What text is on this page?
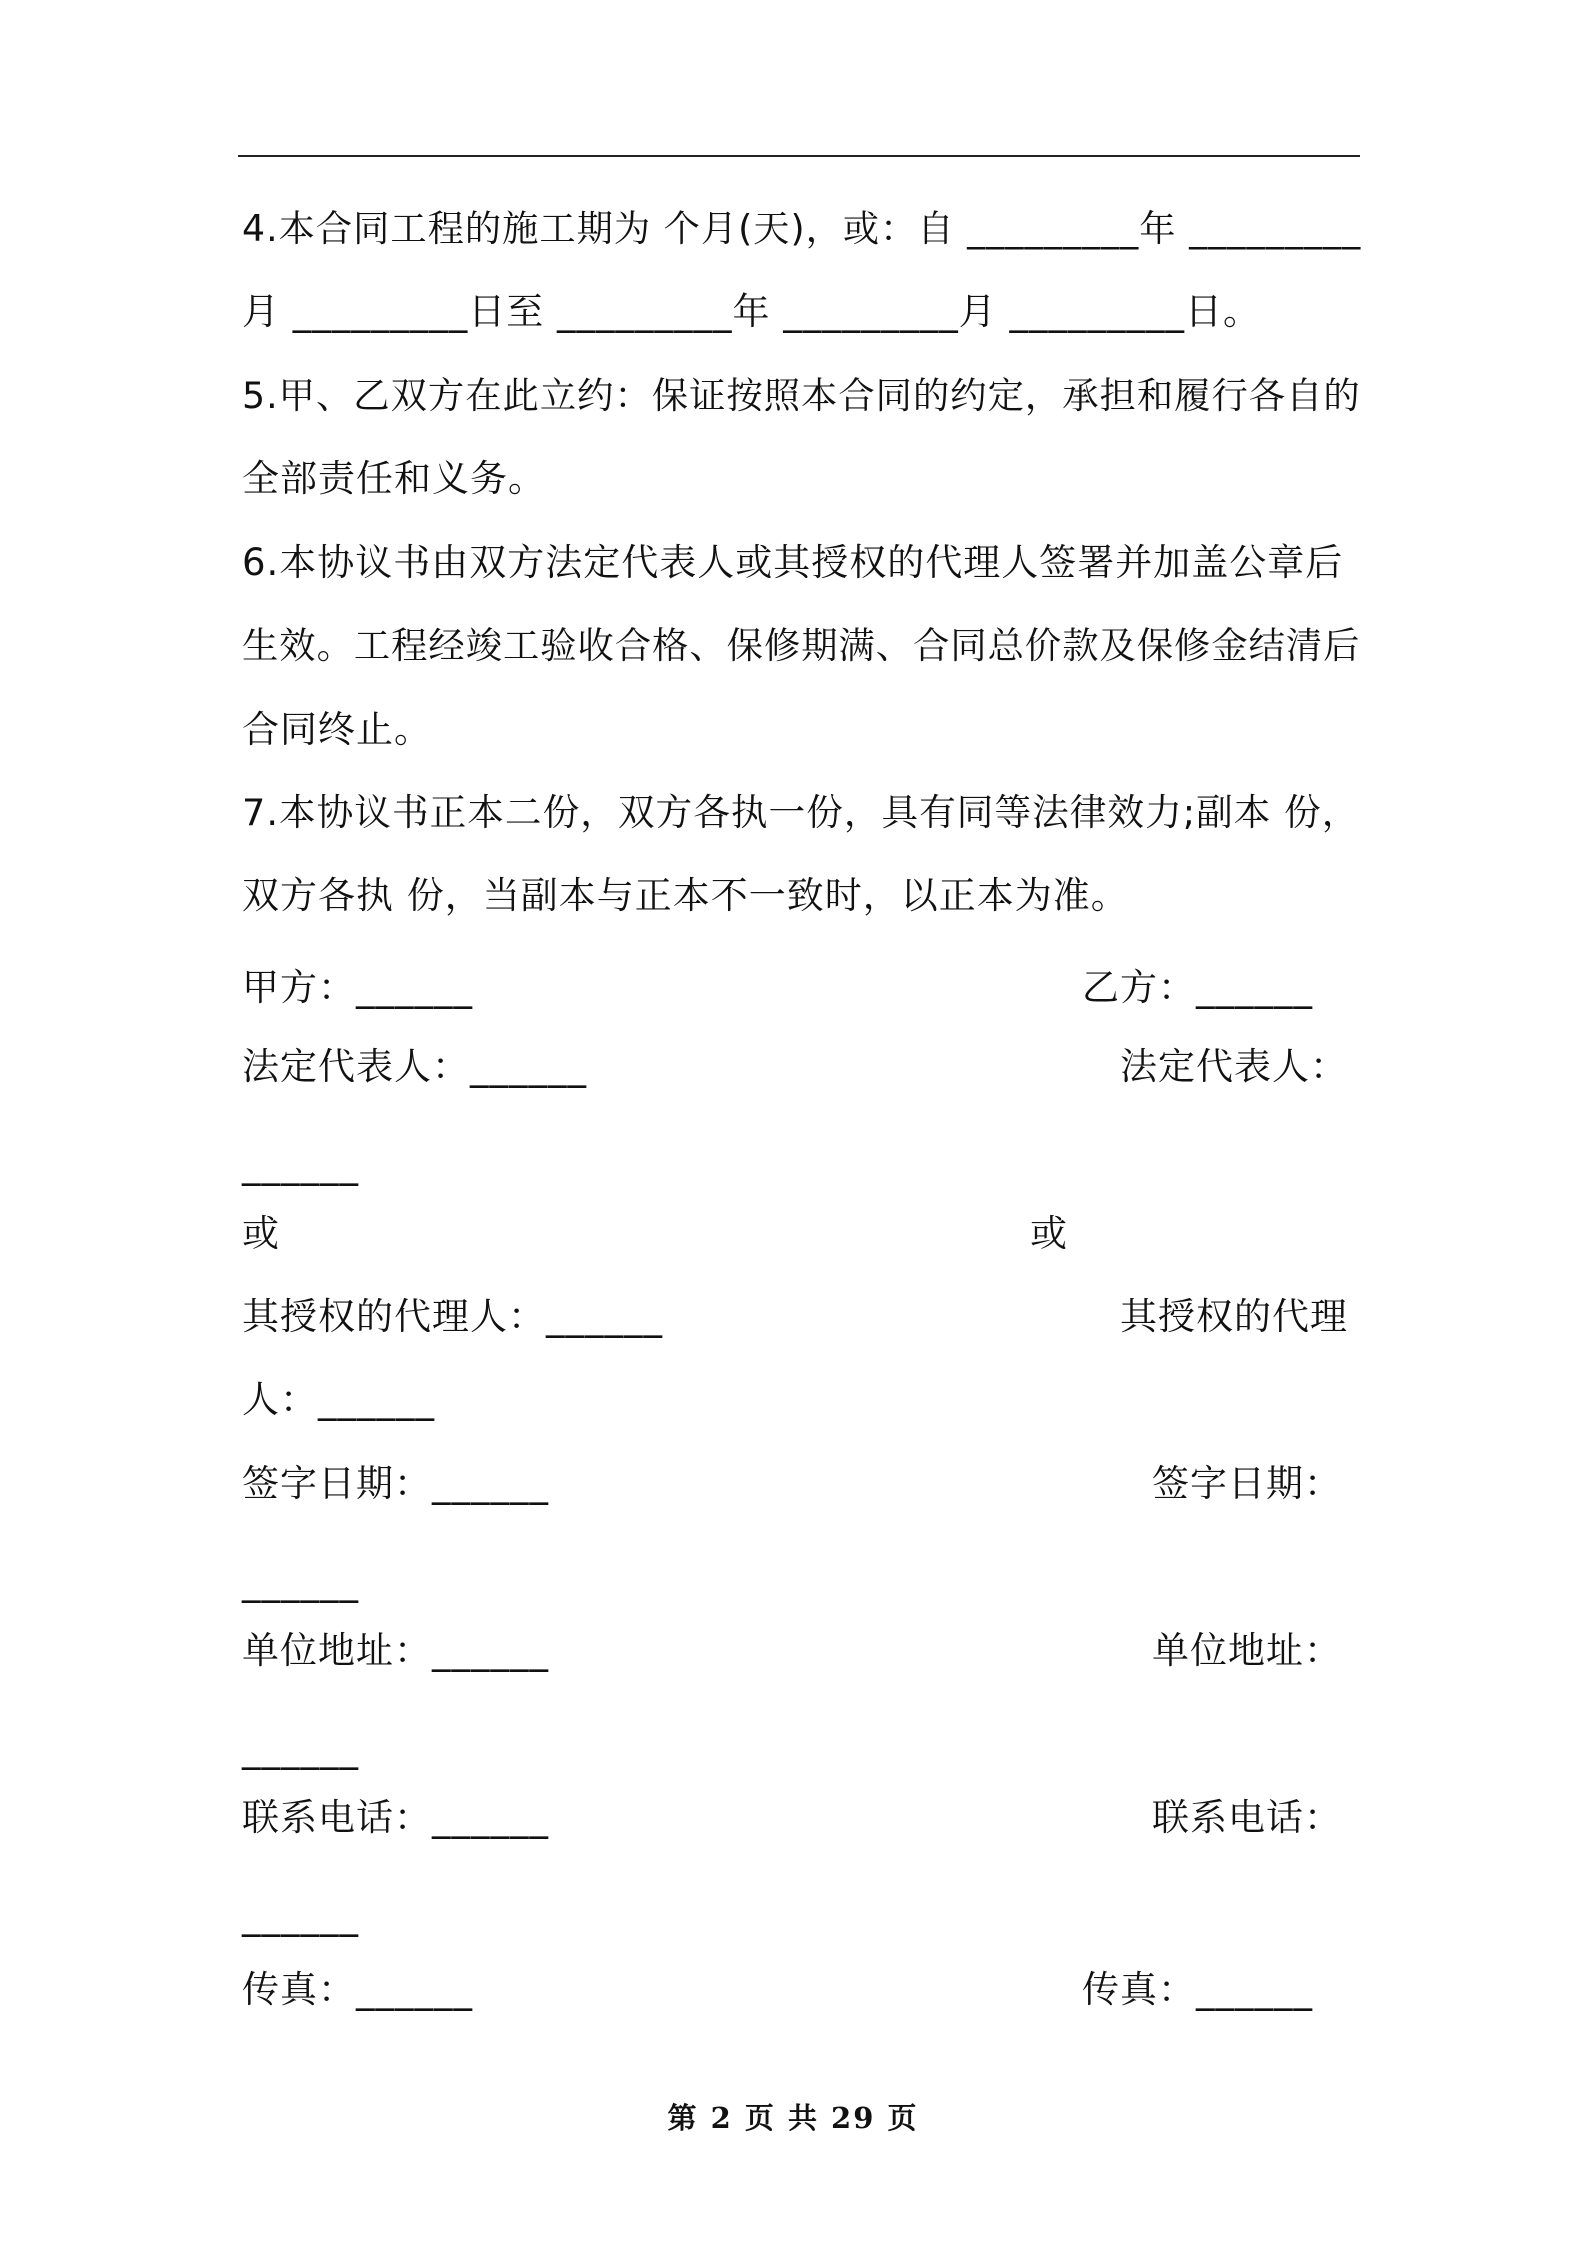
4.本合同工程的施工期为 个月(天)，或：自 _________年 _________
月 _________日至 _________年 _________月 _________日。
5.甲、乙双方在此立约：保证按照本合同的约定，承担和履行各自的
全部责任和义务。
6.本协议书由双方法定代表人或其授权的代理人签署并加盖公章后
生效。工程经竣工验收合格、保修期满、合同总价款及保修金结清后
合同终止。
7.本协议书正本二份，双方各执一份，具有同等法律效力;副本 份，
双方各执 份，当副本与正本不一致时，以正本为准。
甲方：______	乙方：______
法定代表人：______	法定代表人：
______
或	或
其授权的代理人：______	其授权的代理
人：______
签字日期：______	签字日期：
______
单位地址：______	单位地址：
______
联系电话：______	联系电话：
______
传真：______	传真：______
第 2 页 共 29 页
